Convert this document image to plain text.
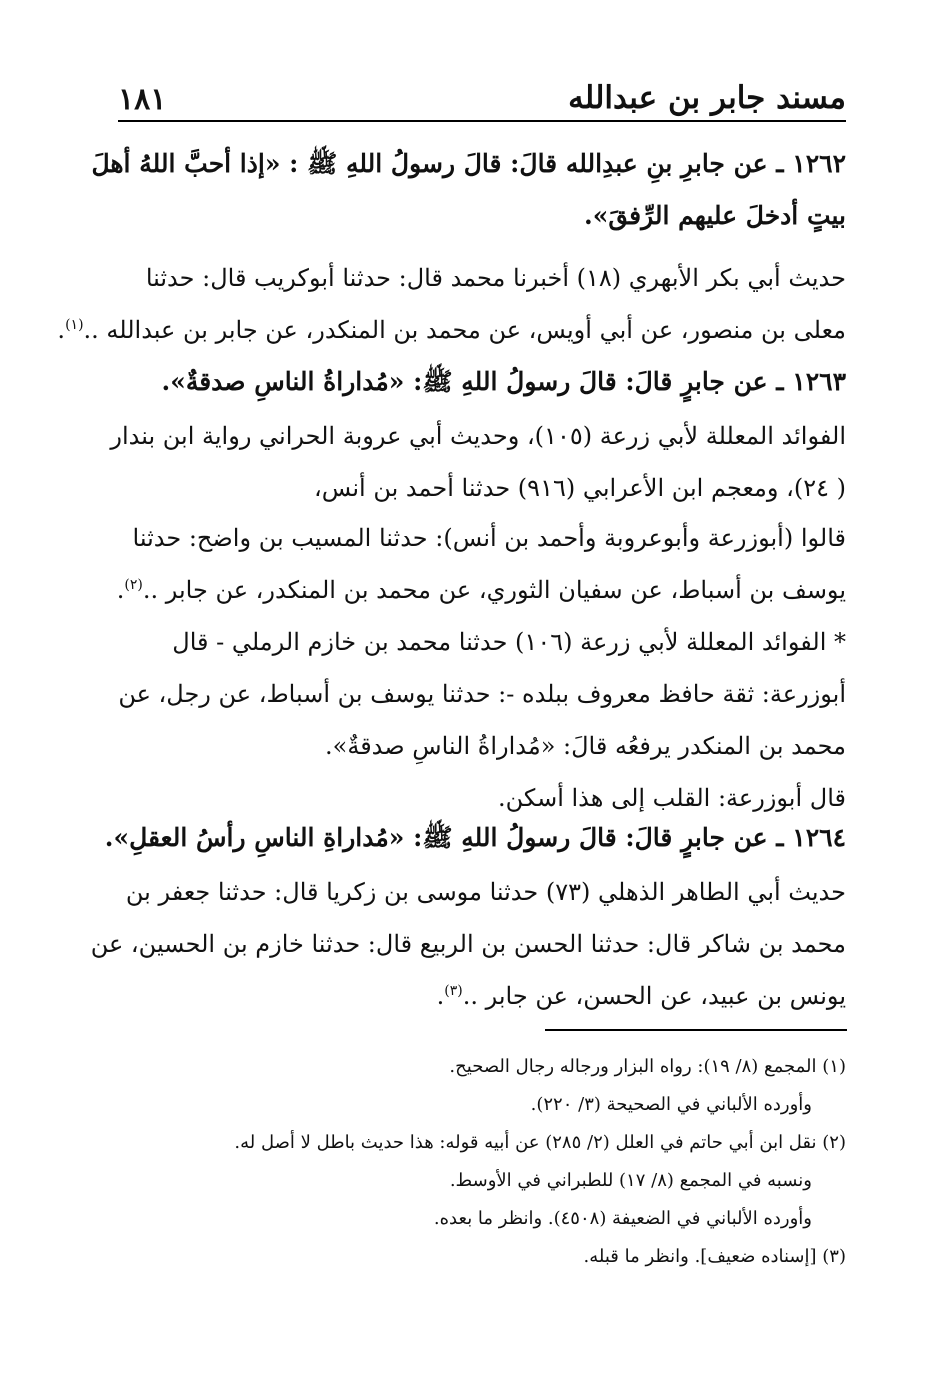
١٨١	مسند جابر بن عبدالله
١٢٦٢ ـ عن جابرِ بنِ عبدِالله قالَ: قالَ رسولُ اللهِ ﷺ : «إذا أحبَّ اللهُ أهلَ
بيتٍ أدخلَ عليهم الرِّفقَ».
حديث أبي بكر الأبهري (١٨) أخبرنا محمد قال: حدثنا أبوكريب قال: حدثنا
معلى بن منصور، عن أبي أويس، عن محمد بن المنكدر، عن جابر بن عبدالله ..$^{(١)}$.
١٢٦٣ ـ عن جابرٍ قالَ: قالَ رسولُ اللهِ ﷺ: «مُداراةُ الناسِ صدقةٌ».
الفوائد المعللة لأبي زرعة (١٠٥)، وحديث أبي عروبة الحراني رواية ابن بندار
( ٢٤)، ومعجم ابن الأعرابي (٩١٦) حدثنا أحمد بن أنس،
قالوا (أبوزرعة وأبوعروبة وأحمد بن أنس): حدثنا المسيب بن واضح: حدثنا
يوسف بن أسباط، عن سفيان الثوري، عن محمد بن المنكدر، عن جابر ..$^{(٢)}$.
* الفوائد المعللة لأبي زرعة (١٠٦) حدثنا محمد بن خازم الرملي - قال
أبوزرعة: ثقة حافظ معروف ببلده -: حدثنا يوسف بن أسباط، عن رجل، عن
محمد بن المنكدر يرفعُه قالَ: «مُداراةُ الناسِ صدقةٌ».
قال أبوزرعة: القلب إلى هذا أسكن.
١٢٦٤ ـ عن جابرٍ قالَ: قالَ رسولُ اللهِ ﷺ: «مُداراةِ الناسِ رأسُ العقلِ».
حديث أبي الطاهر الذهلي (٧٣) حدثنا موسى بن زكريا قال: حدثنا جعفر بن
محمد بن شاكر قال: حدثنا الحسن بن الربيع قال: حدثنا خازم بن الحسين، عن
يونس بن عبيد، عن الحسن، عن جابر ..$^{(٣)}$.
(١) المجمع (٨/ ١٩): رواه البزار ورجاله رجال الصحيح.
وأورده الألباني في الصحيحة (٣/ ٢٢٠).
(٢) نقل ابن أبي حاتم في العلل (٢/ ٢٨٥) عن أبيه قوله: هذا حديث باطل لا أصل له.
ونسبه في المجمع (٨/ ١٧) للطبراني في الأوسط.
وأورده الألباني في الضعيفة (٤٥٠٨). وانظر ما بعده.
(٣) [إسناده ضعيف]. وانظر ما قبله.
